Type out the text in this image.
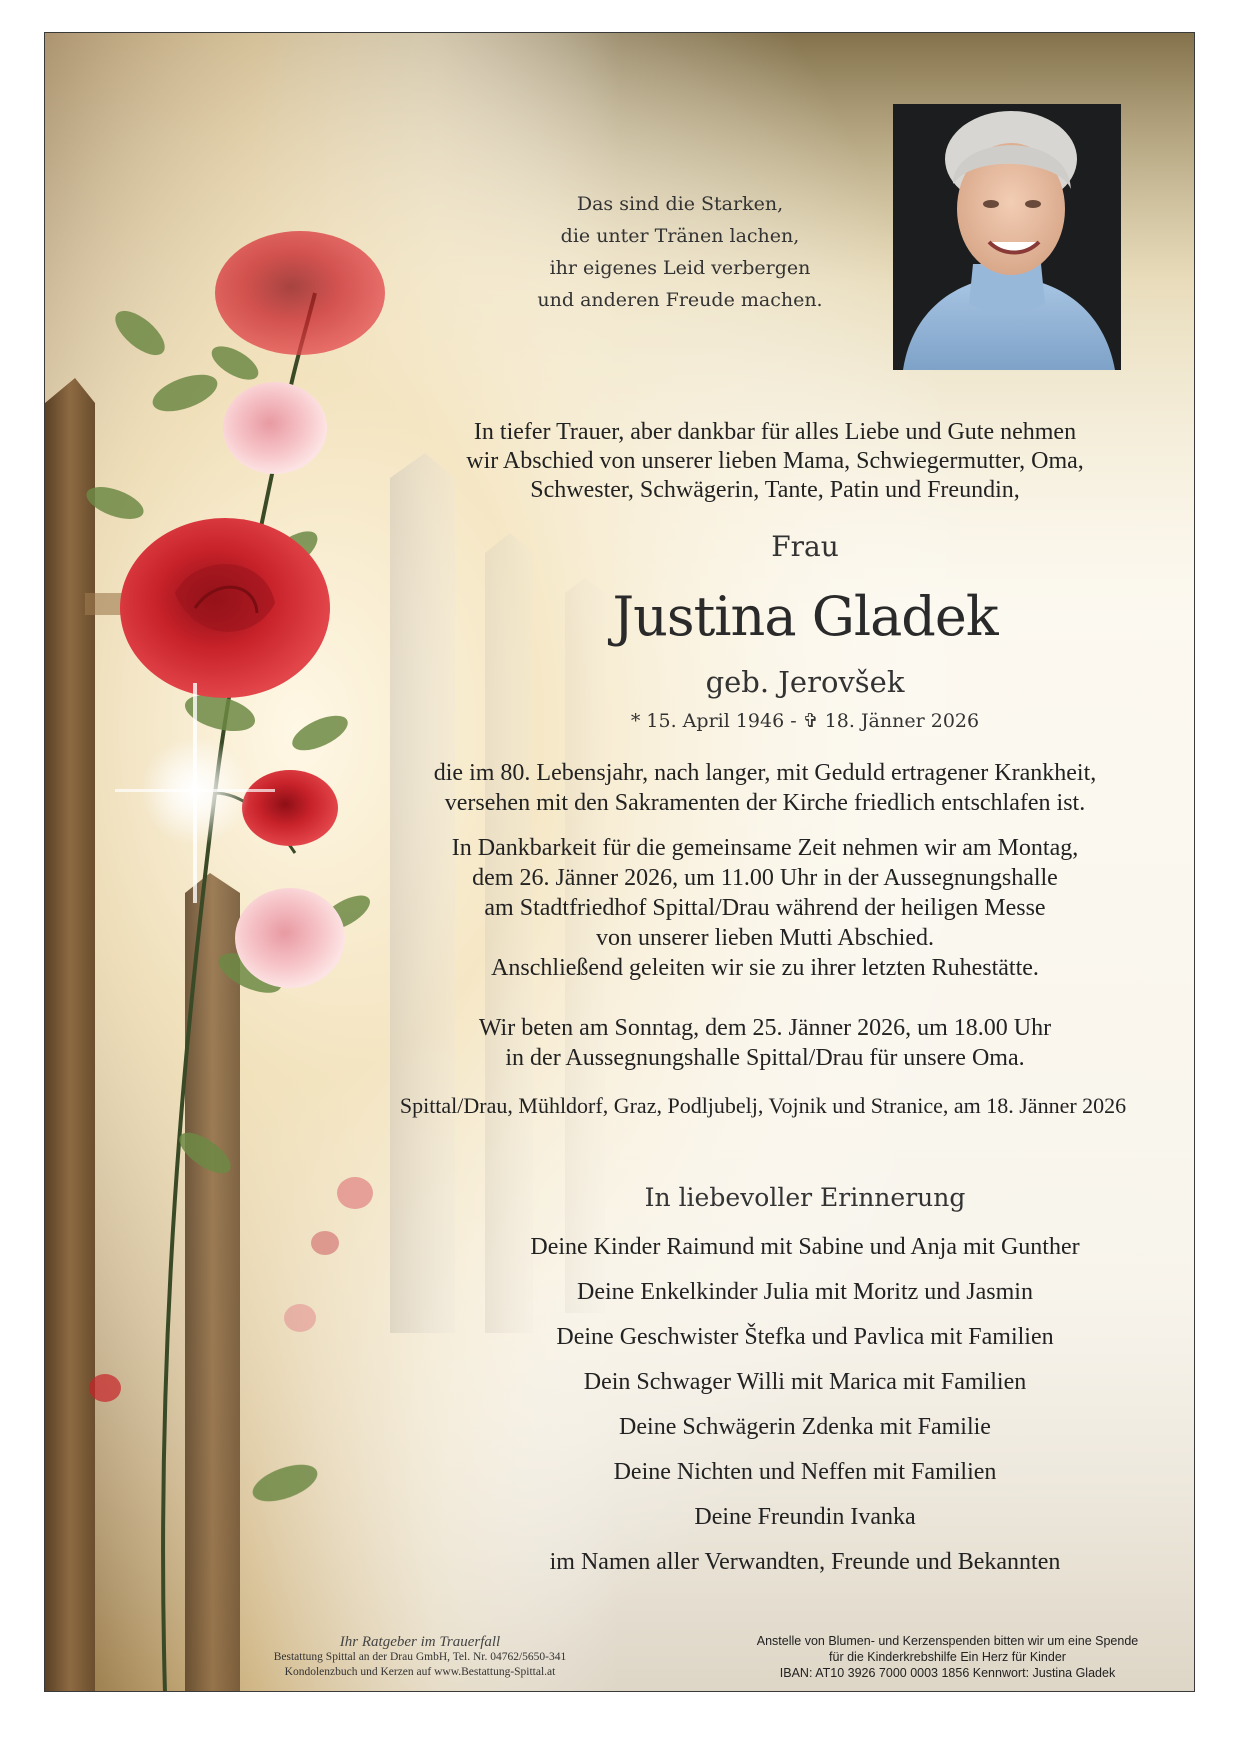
Das sind die Starken,
die unter Tränen lachen,
ihr eigenes Leid verbergen
und anderen Freude machen.
In tiefer Trauer, aber dankbar für alles Liebe und Gute nehmen
wir Abschied von unserer lieben Mama, Schwiegermutter, Oma,
Schwester, Schwägerin, Tante, Patin und Freundin,
Frau
Justina Gladek
geb. Jerovšek
* 15. April 1946 - ✞ 18. Jänner 2026
die im 80. Lebensjahr, nach langer, mit Geduld ertragener Krankheit,
versehen mit den Sakramenten der Kirche friedlich entschlafen ist.
In Dankbarkeit für die gemeinsame Zeit nehmen wir am Montag,
dem 26. Jänner 2026, um 11.00 Uhr in der Aussegnungshalle
am Stadtfriedhof Spittal/Drau während der heiligen Messe
von unserer lieben Mutti Abschied.
Anschließend geleiten wir sie zu ihrer letzten Ruhestätte.
Wir beten am Sonntag, dem 25. Jänner 2026, um 18.00 Uhr
in der Aussegnungshalle Spittal/Drau für unsere Oma.
Spittal/Drau, Mühldorf, Graz, Podljubelj, Vojnik und Stranice, am 18. Jänner 2026
In liebevoller Erinnerung
Deine Kinder Raimund mit Sabine und Anja mit Gunther
Deine Enkelkinder Julia mit Moritz und Jasmin
Deine Geschwister Štefka und Pavlica mit Familien
Dein Schwager Willi mit Marica mit Familien
Deine Schwägerin Zdenka mit Familie
Deine Nichten und Neffen mit Familien
Deine Freundin Ivanka
im Namen aller Verwandten, Freunde und Bekannten
Ihr Ratgeber im Trauerfall
Bestattung Spittal an der Drau GmbH, Tel. Nr. 04762/5650-341
Kondolenzbuch und Kerzen auf www.Bestattung-Spittal.at
Anstelle von Blumen- und Kerzenspenden bitten wir um eine Spende
für die Kinderkrebshilfe Ein Herz für Kinder
IBAN: AT10 3926 7000 0003 1856 Kennwort: Justina Gladek
